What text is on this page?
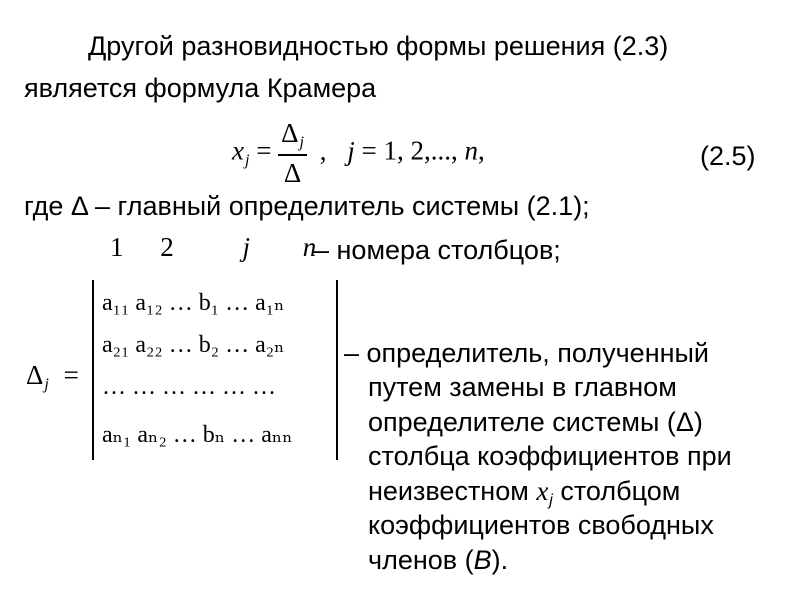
Другой разновидностью формы решения (2.3)
является формула Крамера
$x_j = \frac{\Delta_j}{\Delta}$ , j = 1, 2,..., n,	(2.5)
где Δ – главный определитель системы (2.1);
1 2	j n
– номера столбцов;
$\Delta_j$ =
a₁₁ a₁₂ … b₁ … a₁ₙ
a₂₁ a₂₂ … b₂ … a₂ₙ
… … … … … …
aₙ₁ aₙ₂ … bₙ … aₙₙ
– определитель, полученный
путем замены в главном
определителе системы (Δ)
столбца коэффициентов при
неизвестном $x_j$ столбцом
коэффициентов свободных
членов (B).
